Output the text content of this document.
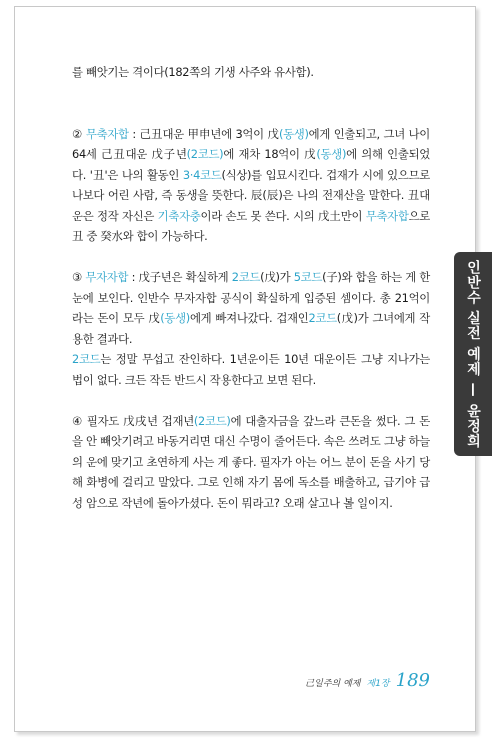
인반수 실전 예제 — 윤정희

를 빼앗기는 격이다(182쪽의 기생 사주와 유사함).

② 무축자합 : 己丑대운 甲申년에 3억이 戊(동생)에게 인출되고, 그녀 나이 64세 己丑대운 戊子년(2코드)에 재차 18억이 戊(동생)에 의해 인출되었다. '丑'은 나의 활동인 3·4코드(식상)를 입묘시킨다. 겁재가 시에 있으므로 나보다 어린 사람, 즉 동생을 뜻한다. 辰(辰)은 나의 전재산을 말한다. 丑대운은 정작 자신은 기축자충이라 손도 못 쓴다. 시의 戊土만이 무축자합으로 丑 중 癸水와 합이 가능하다.

③ 무자자합 : 戊子년은 확실하게 2코드(戊)가 5코드(子)와 합을 하는 게 한눈에 보인다. 인반수 무자자합 공식이 확실하게 입증된 셈이다. 총 21억이라는 돈이 모두 戊(동생)에게 빠져나갔다. 겁재인2코드(戊)가 그녀에게 작용한 결과다.

2코드는 정말 무섭고 잔인하다. 1년운이든 10년 대운이든 그냥 지나가는 법이 없다. 크든 작든 반드시 작용한다고 보면 된다.

④ 필자도 戊戌년 겁재년(2코드)에 대출자금을 갚느라 큰돈을 썼다. 그 돈을 안 빼앗기려고 바동거리면 대신 수명이 줄어든다. 속은 쓰려도 그냥 하늘의 운에 맞기고 초연하게 사는 게 좋다. 필자가 아는 어느 분이 돈을 사기 당해 화병에 걸리고 말았다. 그로 인해 자기 몸에 독소를 배출하고, 급기야 급성 암으로 작년에 돌아가셨다. 돈이 뭐라고? 오래 살고나 볼 일이지.

己일주의 예제 제1장 189
